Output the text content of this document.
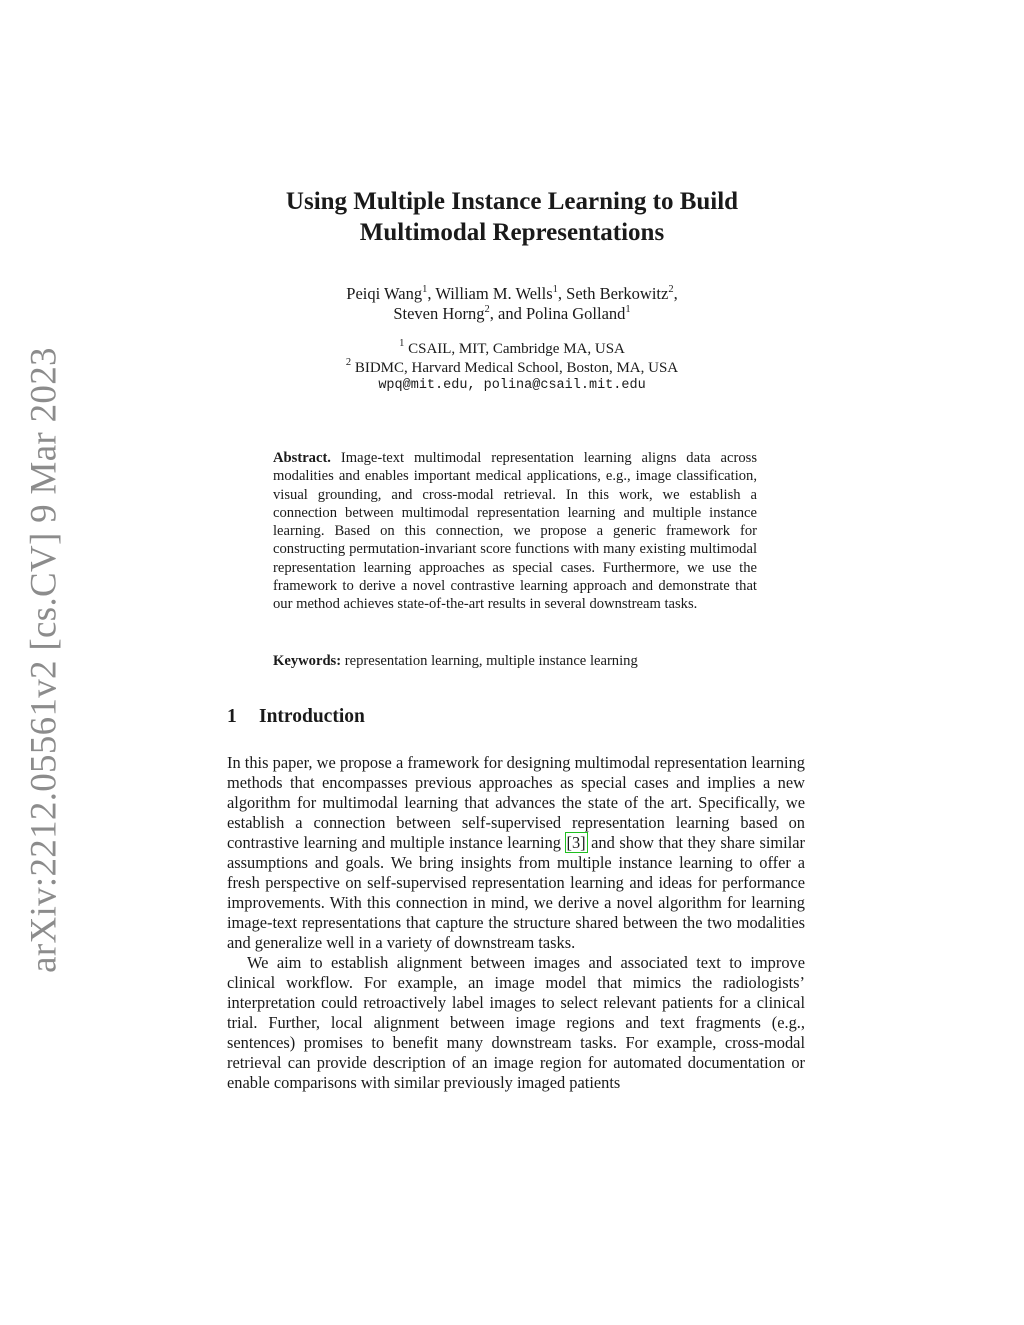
arXiv:2212.05561v2 [cs.CV] 9 Mar 2023
Using Multiple Instance Learning to Build
Multimodal Representations
Peiqi Wang$^1$, William M. Wells$^1$, Seth Berkowitz$^2$,
Steven Horng$^2$, and Polina Golland$^1$
$^1$ CSAIL, MIT, Cambridge MA, USA
$^2$ BIDMC, Harvard Medical School, Boston, MA, USA
wpq@mit.edu, polina@csail.mit.edu
Abstract. Image-text multimodal representation learning aligns data across modalities and enables important medical applications, e.g., image classification, visual grounding, and cross-modal retrieval. In this work, we establish a connection between multimodal representation learning and multiple instance learning. Based on this connection, we propose a generic framework for constructing permutation-invariant score functions with many existing multimodal representation learning approaches as special cases. Furthermore, we use the framework to derive a novel contrastive learning approach and demonstrate that our method achieves state-of-the-art results in several downstream tasks.
Keywords: representation learning, multiple instance learning
1 Introduction

In this paper, we propose a framework for designing multimodal representation learning methods that encompasses previous approaches as special cases and implies a new algorithm for multimodal learning that advances the state of the art. Specifically, we establish a connection between self-supervised representation learning based on contrastive learning and multiple instance learning [3] and show that they share similar assumptions and goals. We bring insights from multiple instance learning to offer a fresh perspective on self-supervised representation learning and ideas for performance improvements. With this connection in mind, we derive a novel algorithm for learning image-text representations that capture the structure shared between the two modalities and generalize well in a variety of downstream tasks.

We aim to establish alignment between images and associated text to improve clinical workflow. For example, an image model that mimics the radiologists’ interpretation could retroactively label images to select relevant patients for a clinical trial. Further, local alignment between image regions and text fragments (e.g., sentences) promises to benefit many downstream tasks. For example, cross-modal retrieval can provide description of an image region for automated documentation or enable comparisons with similar previously imaged patients
